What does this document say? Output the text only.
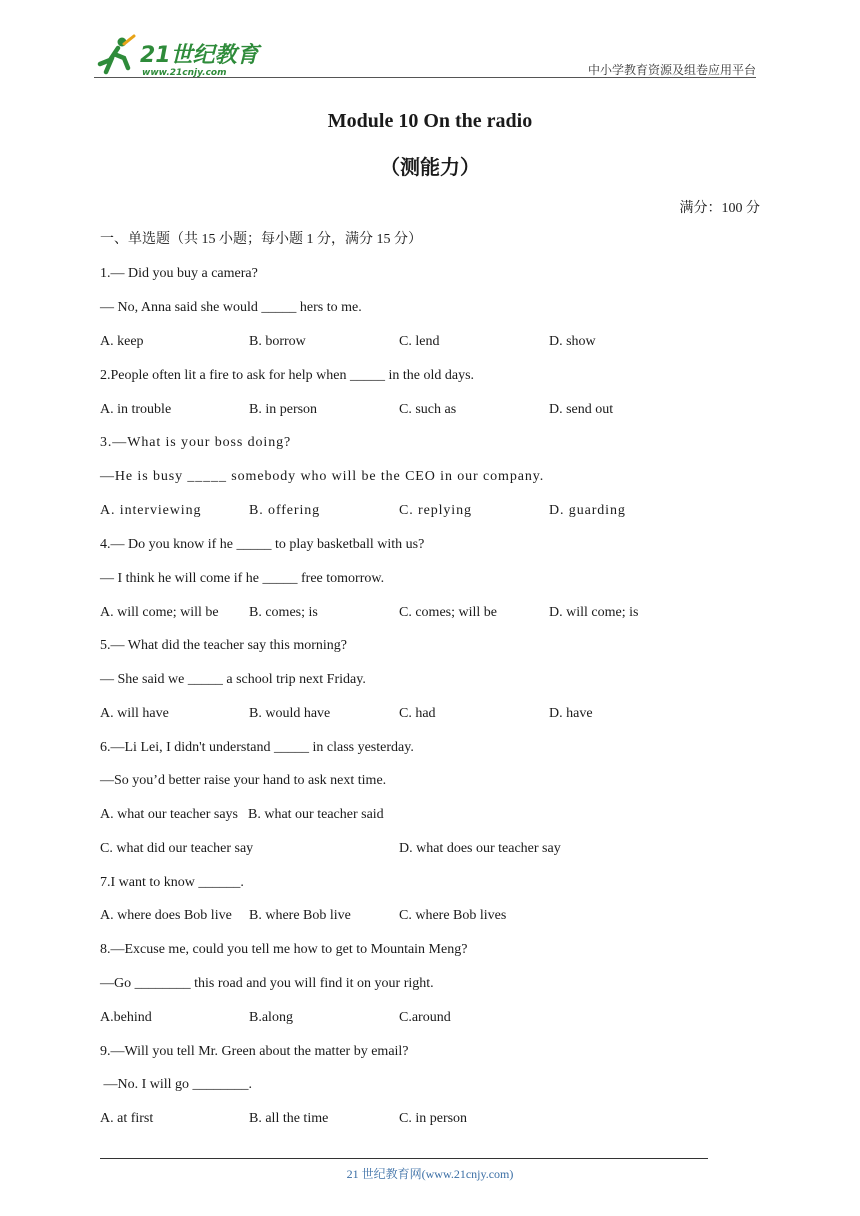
21世纪教育
www.21cnjy.com	中小学教育资源及组卷应用平台
Module 10 On the radio
（测能力）
满分：100 分
一、单选题（共 15 小题；每小题 1 分，满分 15 分）
1.— Did you buy a camera?
— No, Anna said she would _____ hers to me.
A. keep	B. borrow	C. lend	D. show
2.People often lit a fire to ask for help when _____ in the old days.
A. in trouble	B. in person	C. such as	D. send out
3.—What is your boss doing?
—He is busy _____ somebody who will be the CEO in our company.
A. interviewing	B. offering	C. replying	D. guarding
4.— Do you know if he _____ to play basketball with us?
— I think he will come if he _____ free tomorrow.
A. will come; will be B. comes; is	C. comes; will be	D. will come; is
5.— What did the teacher say this morning?
— She said we _____ a school trip next Friday.
A. will have	B. would have	C. had	D. have
6.—Li Lei, I didn't understand _____ in class yesterday.
—So you’d better raise your hand to ask next time.
A. what our teacher says B. what our teacher said
C. what did our teacher say	D. what does our teacher say
7.I want to know ______.
A. where does Bob live B. where Bob live	C. where Bob lives
8.—Excuse me, could you tell me how to get to Mountain Meng?
—Go ________ this road and you will find it on your right.
A.behind	B.along	C.around
9.—Will you tell Mr. Green about the matter by email?
—No. I will go ________.
A. at first	B. all the time	C. in person
21 世纪教育网(www.21cnjy.com)
